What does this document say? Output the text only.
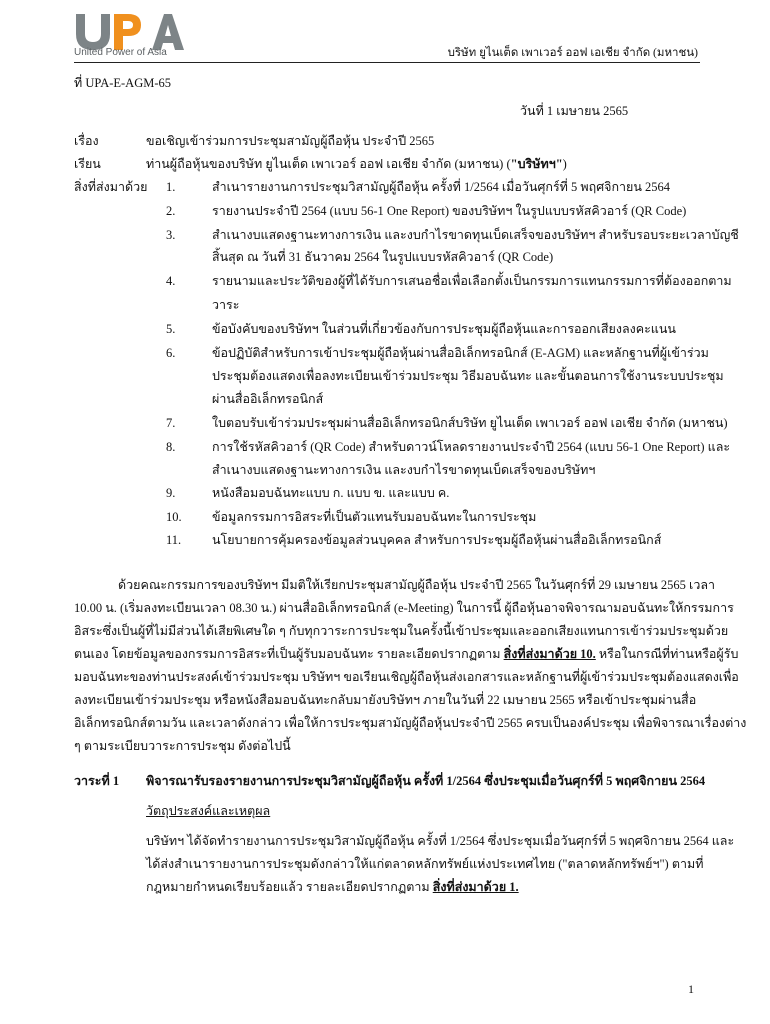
United Power of Asia	บริษัท ยูไนเต็ด เพาเวอร์ ออฟ เอเชีย จำกัด (มหาชน)
ที่ UPA-E-AGM-65
วันที่ 1 เมษายน 2565
เรื่อง	ขอเชิญเข้าร่วมการประชุมสามัญผู้ถือหุ้น ประจำปี 2565
เรียน	ท่านผู้ถือหุ้นของบริษัท ยูไนเต็ด เพาเวอร์ ออฟ เอเชีย จำกัด (มหาชน) ("บริษัทฯ")
สิ่งที่ส่งมาด้วย 1.	สำเนารายงานการประชุมวิสามัญผู้ถือหุ้น ครั้งที่ 1/2564 เมื่อวันศุกร์ที่ 5 พฤศจิกายน 2564
2.	รายงานประจำปี 2564 (แบบ 56-1 One Report) ของบริษัทฯ ในรูปแบบรหัสคิวอาร์ (QR Code)
3.	สำเนางบแสดงฐานะทางการเงิน และงบกำไรขาดทุนเบ็ดเสร็จของบริษัทฯ สำหรับรอบระยะเวลาบัญชี
สิ้นสุด ณ วันที่ 31 ธันวาคม 2564 ในรูปแบบรหัสคิวอาร์ (QR Code)
4.	รายนามและประวัติของผู้ที่ได้รับการเสนอชื่อเพื่อเลือกตั้งเป็นกรรมการแทนกรรมการที่ต้องออกตาม
วาระ
5.	ข้อบังคับของบริษัทฯ ในส่วนที่เกี่ยวข้องกับการประชุมผู้ถือหุ้นและการออกเสียงลงคะแนน
6.	ข้อปฏิบัติสำหรับการเข้าประชุมผู้ถือหุ้นผ่านสื่ออิเล็กทรอนิกส์ (E-AGM) และหลักฐานที่ผู้เข้าร่วม
ประชุมต้องแสดงเพื่อลงทะเบียนเข้าร่วมประชุม วิธีมอบฉันทะ และขั้นตอนการใช้งานระบบประชุม
ผ่านสื่ออิเล็กทรอนิกส์
7.	ใบตอบรับเข้าร่วมประชุมผ่านสื่ออิเล็กทรอนิกส์บริษัท ยูไนเต็ด เพาเวอร์ ออฟ เอเชีย จำกัด (มหาชน)
8.	การใช้รหัสคิวอาร์ (QR Code) สำหรับดาวน์โหลดรายงานประจำปี 2564 (แบบ 56-1 One Report) และ
สำเนางบแสดงฐานะทางการเงิน และงบกำไรขาดทุนเบ็ดเสร็จของบริษัทฯ
9.	หนังสือมอบฉันทะแบบ ก. แบบ ข. และแบบ ค.
10.	ข้อมูลกรรมการอิสระที่เป็นตัวแทนรับมอบฉันทะในการประชุม
11.	นโยบายการคุ้มครองข้อมูลส่วนบุคคล สำหรับการประชุมผู้ถือหุ้นผ่านสื่ออิเล็กทรอนิกส์
ด้วยคณะกรรมการของบริษัทฯ มีมติให้เรียกประชุมสามัญผู้ถือหุ้น ประจำปี 2565 ในวันศุกร์ที่ 29 เมษายน 2565 เวลา
10.00 น. (เริ่มลงทะเบียนเวลา 08.30 น.) ผ่านสื่ออิเล็กทรอนิกส์ (e-Meeting) ในการนี้ ผู้ถือหุ้นอาจพิจารณามอบฉันทะให้กรรมการ
อิสระซึ่งเป็นผู้ที่ไม่มีส่วนได้เสียพิเศษใด ๆ กับทุกวาระการประชุมในครั้งนี้เข้าประชุมและออกเสียงแทนการเข้าร่วมประชุมด้วย
ตนเอง โดยข้อมูลของกรรมการอิสระที่เป็นผู้รับมอบฉันทะ รายละเอียดปรากฏตาม สิ่งที่ส่งมาด้วย 10. หรือในกรณีที่ท่านหรือผู้รับ
มอบฉันทะของท่านประสงค์เข้าร่วมประชุม บริษัทฯ ขอเรียนเชิญผู้ถือหุ้นส่งเอกสารและหลักฐานที่ผู้เข้าร่วมประชุมต้องแสดงเพื่อ
ลงทะเบียนเข้าร่วมประชุม หรือหนังสือมอบฉันทะกลับมายังบริษัทฯ ภายในวันที่ 22 เมษายน 2565 หรือเข้าประชุมผ่านสื่อ
อิเล็กทรอนิกส์ตามวัน และเวลาดังกล่าว เพื่อให้การประชุมสามัญผู้ถือหุ้นประจำปี 2565 ครบเป็นองค์ประชุม เพื่อพิจารณาเรื่องต่าง
ๆ ตามระเบียบวาระการประชุม ดังต่อไปนี้
วาระที่ 1 พิจารณารับรองรายงานการประชุมวิสามัญผู้ถือหุ้น ครั้งที่ 1/2564 ซึ่งประชุมเมื่อวันศุกร์ที่ 5 พฤศจิกายน 2564
วัตถุประสงค์และเหตุผล
บริษัทฯ ได้จัดทำรายงานการประชุมวิสามัญผู้ถือหุ้น ครั้งที่ 1/2564 ซึ่งประชุมเมื่อวันศุกร์ที่ 5 พฤศจิกายน 2564 และ
ได้ส่งสำเนารายงานการประชุมดังกล่าวให้แก่ตลาดหลักทรัพย์แห่งประเทศไทย ("ตลาดหลักทรัพย์ฯ") ตามที่
กฎหมายกำหนดเรียบร้อยแล้ว รายละเอียดปรากฏตาม สิ่งที่ส่งมาด้วย 1.
1
